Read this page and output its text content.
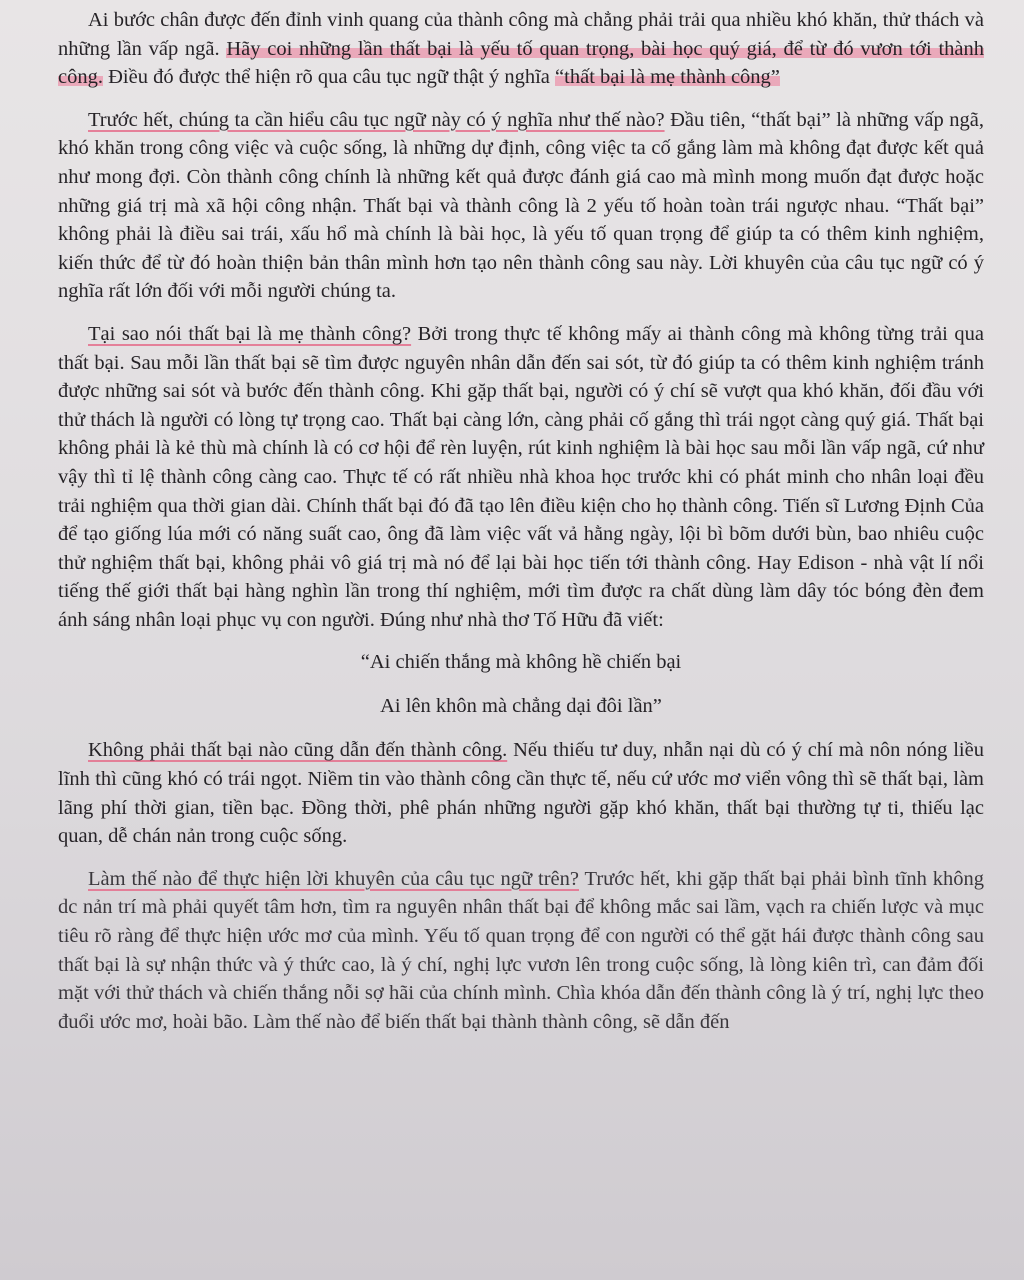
Ai bước chân được đến đỉnh vinh quang của thành công mà chẳng phải trải qua nhiều khó khăn, thử thách và những lần vấp ngã. Hãy coi những lần thất bại là yếu tố quan trọng, bài học quý giá, để từ đó vươn tới thành công. Điều đó được thể hiện rõ qua câu tục ngữ thật ý nghĩa “thất bại là mẹ thành công”

Trước hết, chúng ta cần hiểu câu tục ngữ này có ý nghĩa như thế nào? Đầu tiên, “thất bại” là những vấp ngã, khó khăn trong công việc và cuộc sống, là những dự định, công việc ta cố gắng làm mà không đạt được kết quả như mong đợi. Còn thành công chính là những kết quả được đánh giá cao mà mình mong muốn đạt được hoặc những giá trị mà xã hội công nhận. Thất bại và thành công là 2 yếu tố hoàn toàn trái ngược nhau. “Thất bại” không phải là điều sai trái, xấu hổ mà chính là bài học, là yếu tố quan trọng để giúp ta có thêm kinh nghiệm, kiến thức để từ đó hoàn thiện bản thân mình hơn tạo nên thành công sau này. Lời khuyên của câu tục ngữ có ý nghĩa rất lớn đối với mỗi người chúng ta.

Tại sao nói thất bại là mẹ thành công? Bởi trong thực tế không mấy ai thành công mà không từng trải qua thất bại. Sau mỗi lần thất bại sẽ tìm được nguyên nhân dẫn đến sai sót, từ đó giúp ta có thêm kinh nghiệm tránh được những sai sót và bước đến thành công. Khi gặp thất bại, người có ý chí sẽ vượt qua khó khăn, đối đầu với thử thách là người có lòng tự trọng cao. Thất bại càng lớn, càng phải cố gắng thì trái ngọt càng quý giá. Thất bại không phải là kẻ thù mà chính là có cơ hội để rèn luyện, rút kinh nghiệm là bài học sau mỗi lần vấp ngã, cứ như vậy thì tỉ lệ thành công càng cao. Thực tế có rất nhiều nhà khoa học trước khi có phát minh cho nhân loại đều trải nghiệm qua thời gian dài. Chính thất bại đó đã tạo lên điều kiện cho họ thành công. Tiến sĩ Lương Định Của để tạo giống lúa mới có năng suất cao, ông đã làm việc vất vả hằng ngày, lội bì bõm dưới bùn, bao nhiêu cuộc thử nghiệm thất bại, không phải vô giá trị mà nó để lại bài học tiến tới thành công. Hay Edison - nhà vật lí nổi tiếng thế giới thất bại hàng nghìn lần trong thí nghiệm, mới tìm được ra chất dùng làm dây tóc bóng đèn đem ánh sáng nhân loại phục vụ con người. Đúng như nhà thơ Tố Hữu đã viết:

“Ai chiến thắng mà không hề chiến bại

Ai lên khôn mà chẳng dại đôi lần”

Không phải thất bại nào cũng dẫn đến thành công. Nếu thiếu tư duy, nhẫn nại dù có ý chí mà nôn nóng liều lĩnh thì cũng khó có trái ngọt. Niềm tin vào thành công cần thực tế, nếu cứ ước mơ viển vông thì sẽ thất bại, làm lãng phí thời gian, tiền bạc. Đồng thời, phê phán những người gặp khó khăn, thất bại thường tự ti, thiếu lạc quan, dễ chán nản trong cuộc sống.

Làm thế nào để thực hiện lời khuyên của câu tục ngữ trên? Trước hết, khi gặp thất bại phải bình tĩnh không dc nản trí mà phải quyết tâm hơn, tìm ra nguyên nhân thất bại để không mắc sai lầm, vạch ra chiến lược và mục tiêu rõ ràng để thực hiện ước mơ của mình. Yếu tố quan trọng để con người có thể gặt hái được thành công sau thất bại là sự nhận thức và ý thức cao, là ý chí, nghị lực vươn lên trong cuộc sống, là lòng kiên trì, can đảm đối mặt với thử thách và chiến thắng nỗi sợ hãi của chính mình. Chìa khóa dẫn đến thành công là ý trí, nghị lực theo đuổi ước mơ, hoài bão. Làm thế nào để biến thất bại thành thành công, sẽ dẫn đến
